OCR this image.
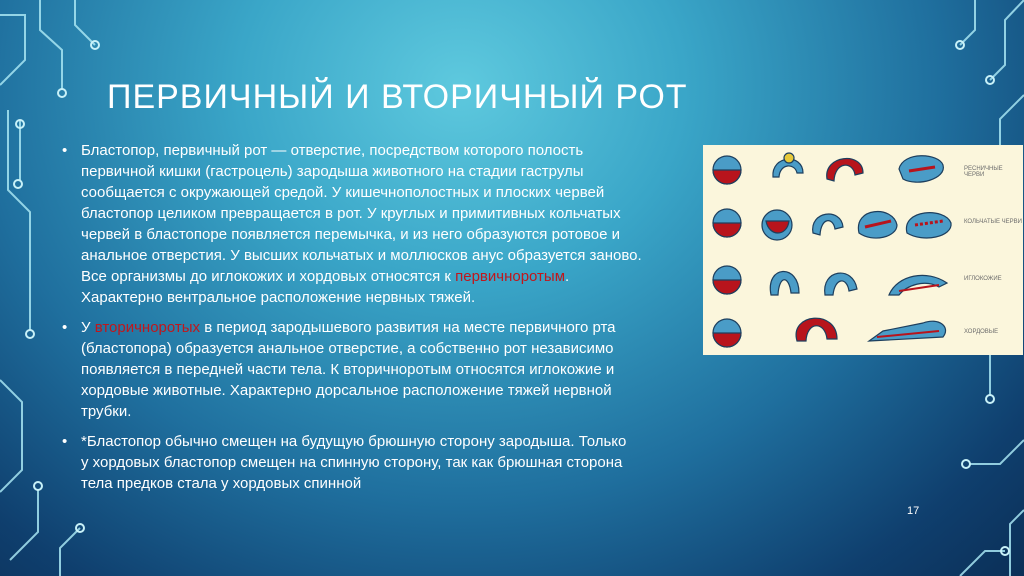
ПЕРВИЧНЫЙ И ВТОРИЧНЫЙ РОТ
• Бластопор, первичный рот — отверстие, посредством которого полость
первичной кишки (гастроцель) зародыша животного на стадии гаструлы
сообщается с окружающей средой. У кишечнополостных и плоских червей
бластопор целиком превращается в рот. У круглых и примитивных кольчатых
червей в бластопоре появляется перемычка, и из него образуются ротовое и
анальное отверстия. У высших кольчатых и моллюсков анус образуется заново.
Все организмы до иглокожих и хордовых относятся к первичноротым.
Характерно вентральное расположение нервных тяжей.
• У вторичноротых в период зародышевого развития на месте первичного рта
(бластопора) образуется анальное отверстие, а собственно рот независимо
появляется в передней части тела. К вторичноротым относятся иглокожие и
хордовые животные. Характерно дорсальное расположение тяжей нервной
трубки.
• *Бластопор обычно смещен на будущую брюшную сторону зародыша. Только
у хордовых бластопор смещен на спинную сторону, так как брюшная сторона
тела предков стала у хордовых спинной
РЕСНИЧНЫЕ ЧЕРВИ
КОЛЬЧАТЫЕ ЧЕРВИ
ИГЛОКОЖИЕ
ХОРДОВЫЕ
17
